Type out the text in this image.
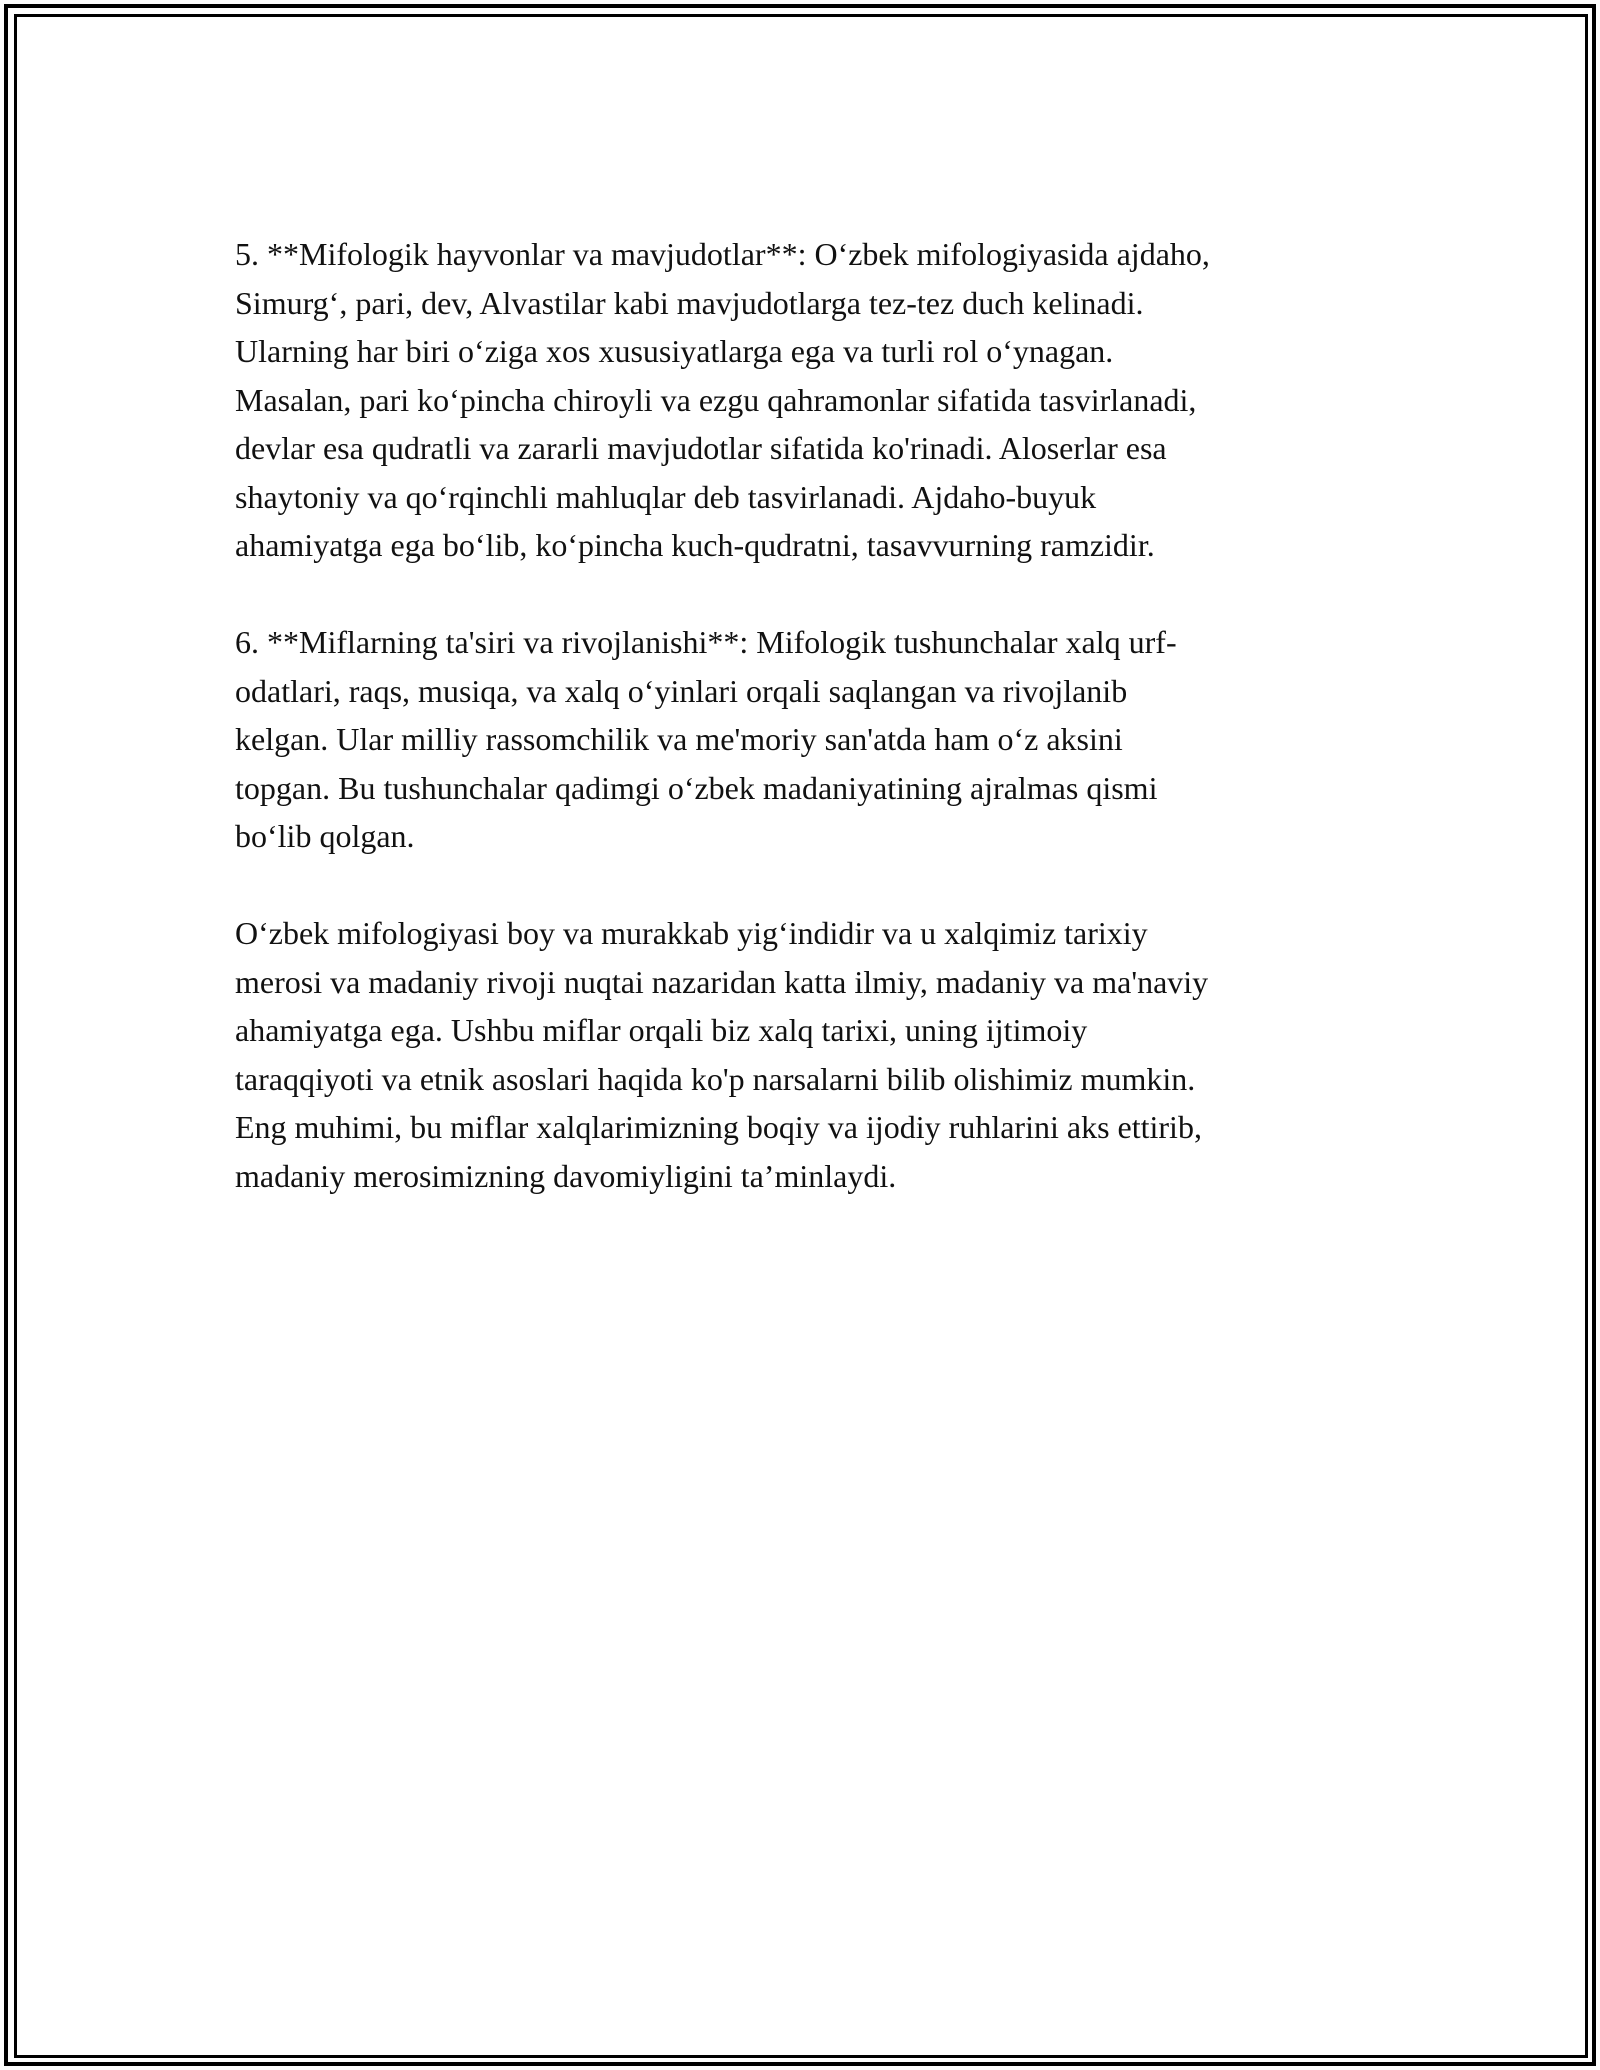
5. **Mifologik hayvonlar va mavjudotlar**: O‘zbek mifologiyasida ajdaho,
Simurg‘, pari, dev, Alvastilar kabi mavjudotlarga tez-tez duch kelinadi.
Ularning har biri o‘ziga xos xususiyatlarga ega va turli rol o‘ynagan.
Masalan, pari ko‘pincha chiroyli va ezgu qahramonlar sifatida tasvirlanadi,
devlar esa qudratli va zararli mavjudotlar sifatida ko'rinadi. Aloserlar esa
shaytoniy va qo‘rqinchli mahluqlar deb tasvirlanadi. Ajdaho-buyuk
ahamiyatga ega bo‘lib, ko‘pincha kuch-qudratni, tasavvurning ramzidir.

6. **Miflarning ta'siri va rivojlanishi**: Mifologik tushunchalar xalq urf-
odatlari, raqs, musiqa, va xalq o‘yinlari orqali saqlangan va rivojlanib
kelgan. Ular milliy rassomchilik va me'moriy san'atda ham o‘z aksini
topgan. Bu tushunchalar qadimgi o‘zbek madaniyatining ajralmas qismi
bo‘lib qolgan.

O‘zbek mifologiyasi boy va murakkab yig‘indidir va u xalqimiz tarixiy
merosi va madaniy rivoji nuqtai nazaridan katta ilmiy, madaniy va ma'naviy
ahamiyatga ega. Ushbu miflar orqali biz xalq tarixi, uning ijtimoiy
taraqqiyoti va etnik asoslari haqida ko'p narsalarni bilib olishimiz mumkin.
Eng muhimi, bu miflar xalqlarimizning boqiy va ijodiy ruhlarini aks ettirib,
madaniy merosimizning davomiyligini ta’minlaydi.
